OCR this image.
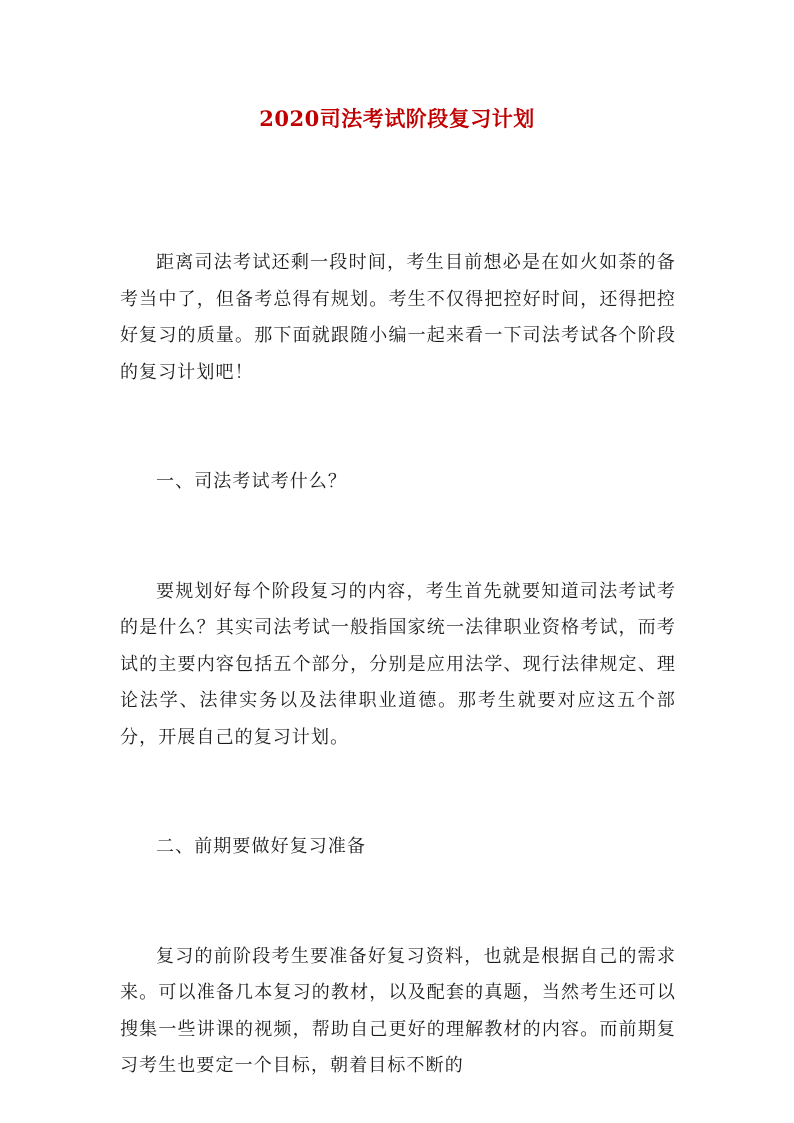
2020司法考试阶段复习计划

距离司法考试还剩一段时间，考生目前想必是在如火如荼的备考当中了，但备考总得有规划。考生不仅得把控好时间，还得把控好复习的质量。那下面就跟随小编一起来看一下司法考试各个阶段的复习计划吧！

一、司法考试考什么？

要规划好每个阶段复习的内容，考生首先就要知道司法考试考的是什么？其实司法考试一般指国家统一法律职业资格考试，而考试的主要内容包括五个部分，分别是应用法学、现行法律规定、理论法学、法律实务以及法律职业道德。那考生就要对应这五个部分，开展自己的复习计划。

二、前期要做好复习准备

复习的前阶段考生要准备好复习资料，也就是根据自己的需求来。可以准备几本复习的教材，以及配套的真题，当然考生还可以搜集一些讲课的视频，帮助自己更好的理解教材的内容。而前期复习考生也要定一个目标，朝着目标不断的
